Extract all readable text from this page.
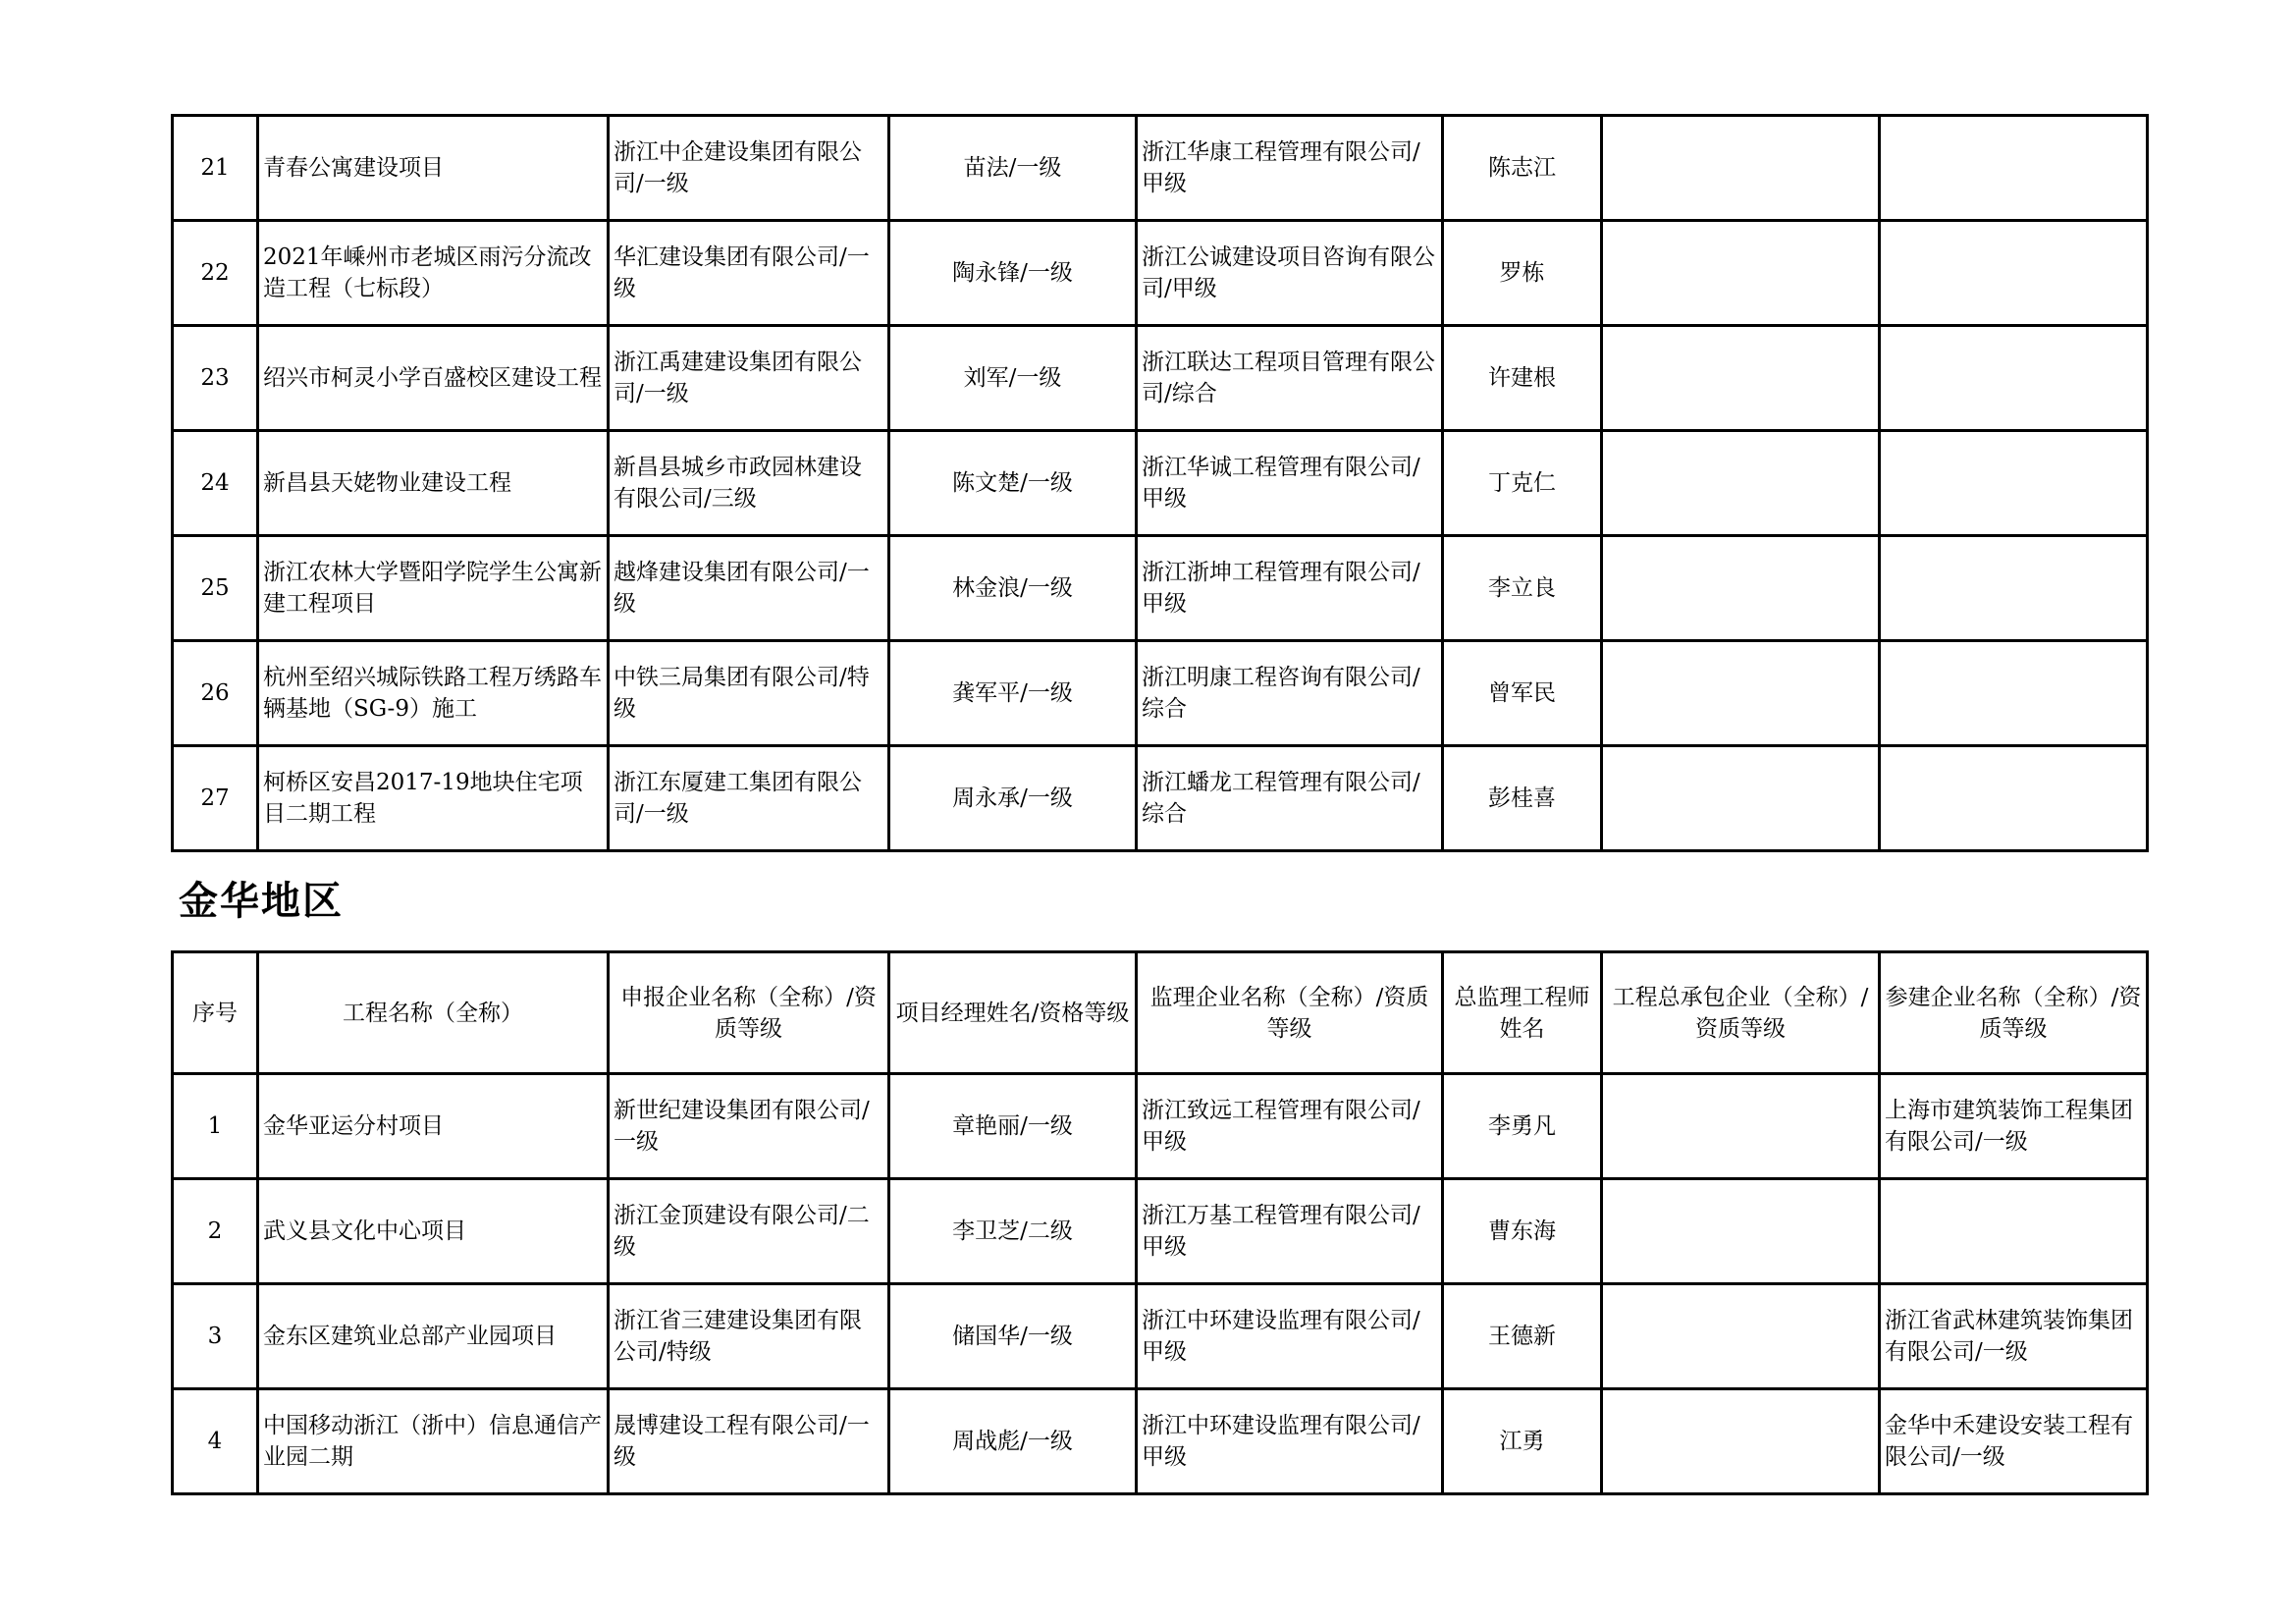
21	青春公寓建设项目	浙江中企建设集团有限公司/一级	苗法/一级	浙江华康工程管理有限公司/甲级	陈志江		
22	2021年嵊州市老城区雨污分流改造工程（七标段）	华汇建设集团有限公司/一级	陶永锋/一级	浙江公诚建设项目咨询有限公司/甲级	罗栋		
23	绍兴市柯灵小学百盛校区建设工程	浙江禹建建设集团有限公司/一级	刘军/一级	浙江联达工程项目管理有限公司/综合	许建根		
24	新昌县天姥物业建设工程	新昌县城乡市政园林建设有限公司/三级	陈文楚/一级	浙江华诚工程管理有限公司/甲级	丁克仁		
25	浙江农林大学暨阳学院学生公寓新建工程项目	越烽建设集团有限公司/一级	林金浪/一级	浙江浙坤工程管理有限公司/甲级	李立良		
26	杭州至绍兴城际铁路工程万绣路车辆基地（SG-9）施工	中铁三局集团有限公司/特级	龚军平/一级	浙江明康工程咨询有限公司/综合	曾军民		
27	柯桥区安昌2017-19地块住宅项目二期工程	浙江东厦建工集团有限公司/一级	周永承/一级	浙江蟠龙工程管理有限公司/综合	彭桂喜		
金华地区
序号	工程名称（全称）	申报企业名称（全称）/资质等级	项目经理姓名/资格等级	监理企业名称（全称）/资质等级	总监理工程师姓名	工程总承包企业（全称）/资质等级	参建企业名称（全称）/资质等级
1	金华亚运分村项目	新世纪建设集团有限公司/一级	章艳丽/一级	浙江致远工程管理有限公司/甲级	李勇凡		上海市建筑装饰工程集团有限公司/一级
2	武义县文化中心项目	浙江金顶建设有限公司/二级	李卫芝/二级	浙江万基工程管理有限公司/甲级	曹东海		
3	金东区建筑业总部产业园项目	浙江省三建建设集团有限公司/特级	储国华/一级	浙江中环建设监理有限公司/甲级	王德新		浙江省武林建筑装饰集团有限公司/一级
4	中国移动浙江（浙中）信息通信产业园二期	晟博建设工程有限公司/一级	周战彪/一级	浙江中环建设监理有限公司/甲级	江勇		金华中禾建设安装工程有限公司/一级
